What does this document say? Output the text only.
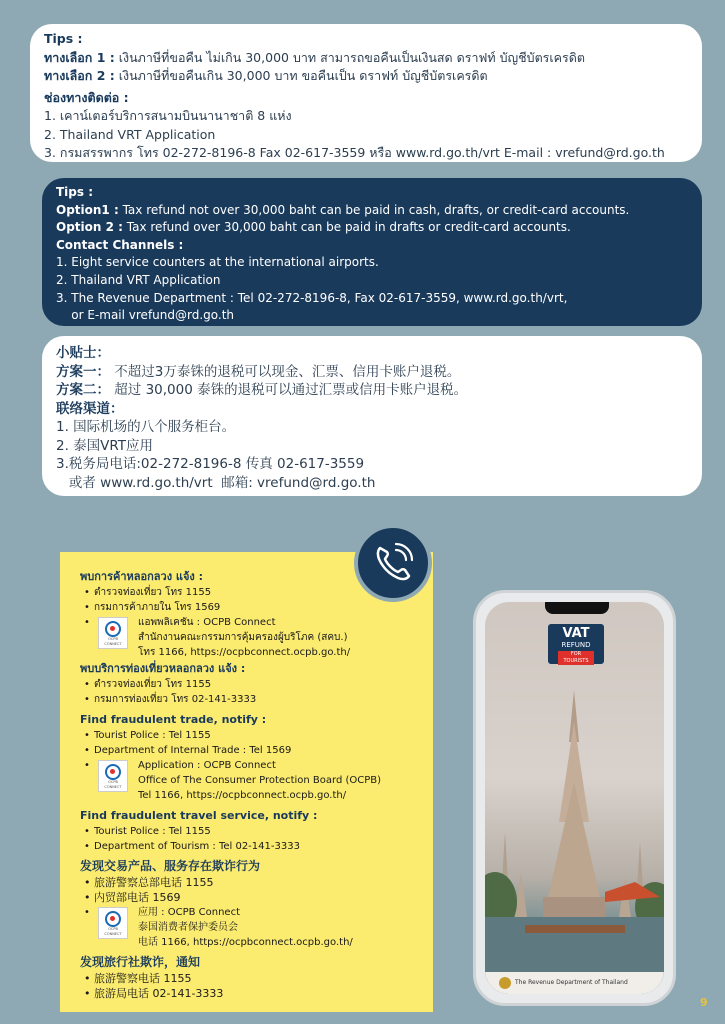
Tips :
ทางเลือก 1 : เงินภาษีที่ขอคืน ไม่เกิน 30,000 บาท สามารถขอคืนเป็นเงินสด ดราฟท์ บัญชีบัตรเครดิต
ทางเลือก 2 : เงินภาษีที่ขอคืนเกิน 30,000 บาท ขอคืนเป็น ดราฟท์ บัญชีบัตรเครดิต
ช่องทางติดต่อ :
1. เคาน์เตอร์บริการสนามบินนานาชาติ 8 แห่ง
2. Thailand VRT Application
3. กรมสรรพากร โทร 02-272-8196-8 Fax 02-617-3559 หรือ www.rd.go.th/vrt E-mail : vrefund@rd.go.th
Tips :
Option1 : Tax refund not over 30,000 baht can be paid in cash, drafts, or credit-card accounts.
Option 2 : Tax refund over 30,000 baht can be paid in drafts or credit-card accounts.
Contact Channels :
1. Eight service counters at the international airports.
2. Thailand VRT Application
3. The Revenue Department : Tel 02-272-8196-8, Fax 02-617-3559, www.rd.go.th/vrt,
or E-mail vrefund@rd.go.th
小贴士：
方案一： 不超过3万泰铢的退税可以现金、汇票、信用卡账户退税。
方案二： 超过 30,000 泰铢的退税可以通过汇票或信用卡账户退税。
联络渠道：
1. 国际机场的八个服务柜台。
2. 泰国VRT应用
3.税务局电话:02-272-8196-8 传真 02-617-3559
或者 www.rd.go.th/vrt  邮箱: vrefund@rd.go.th
พบการค้าหลอกลวง แจ้ง :
• ตำรวจท่องเที่ยว โทร 1155
• กรมการค้าภายใน โทร 1569
•
OCPB CONNECT
แอพพลิเคชัน : OCPB Connect
สำนักงานคณะกรรมการคุ้มครองผู้บริโภค (สคบ.)
โทร 1166, https://ocpbconnect.ocpb.go.th/
พบบริการท่องเที่ยวหลอกลวง แจ้ง :
• ตำรวจท่องเที่ยว โทร 1155
• กรมการท่องเที่ยว โทร 02-141-3333
Find fraudulent trade, notify :
• Tourist Police : Tel 1155
• Department of Internal Trade : Tel 1569
•
OCPB CONNECT
Application : OCPB Connect
Office of The Consumer Protection Board (OCPB)
Tel 1166, https://ocpbconnect.ocpb.go.th/
Find fraudulent travel service, notify :
• Tourist Police : Tel 1155
• Department of Tourism : Tel 02-141-3333
发现交易产品、服务存在欺诈行为
• 旅游警察总部电话 1155
• 内贸部电话 1569
•
OCPB CONNECT
应用 : OCPB Connect
泰国消费者保护委员会
电话 1166, https://ocpbconnect.ocpb.go.th/
发现旅行社欺诈，通知
• 旅游警察电话 1155
• 旅游局电话 02-141-3333
VAT
REFUND
FOR TOURISTS
The Revenue Department of Thailand
9
